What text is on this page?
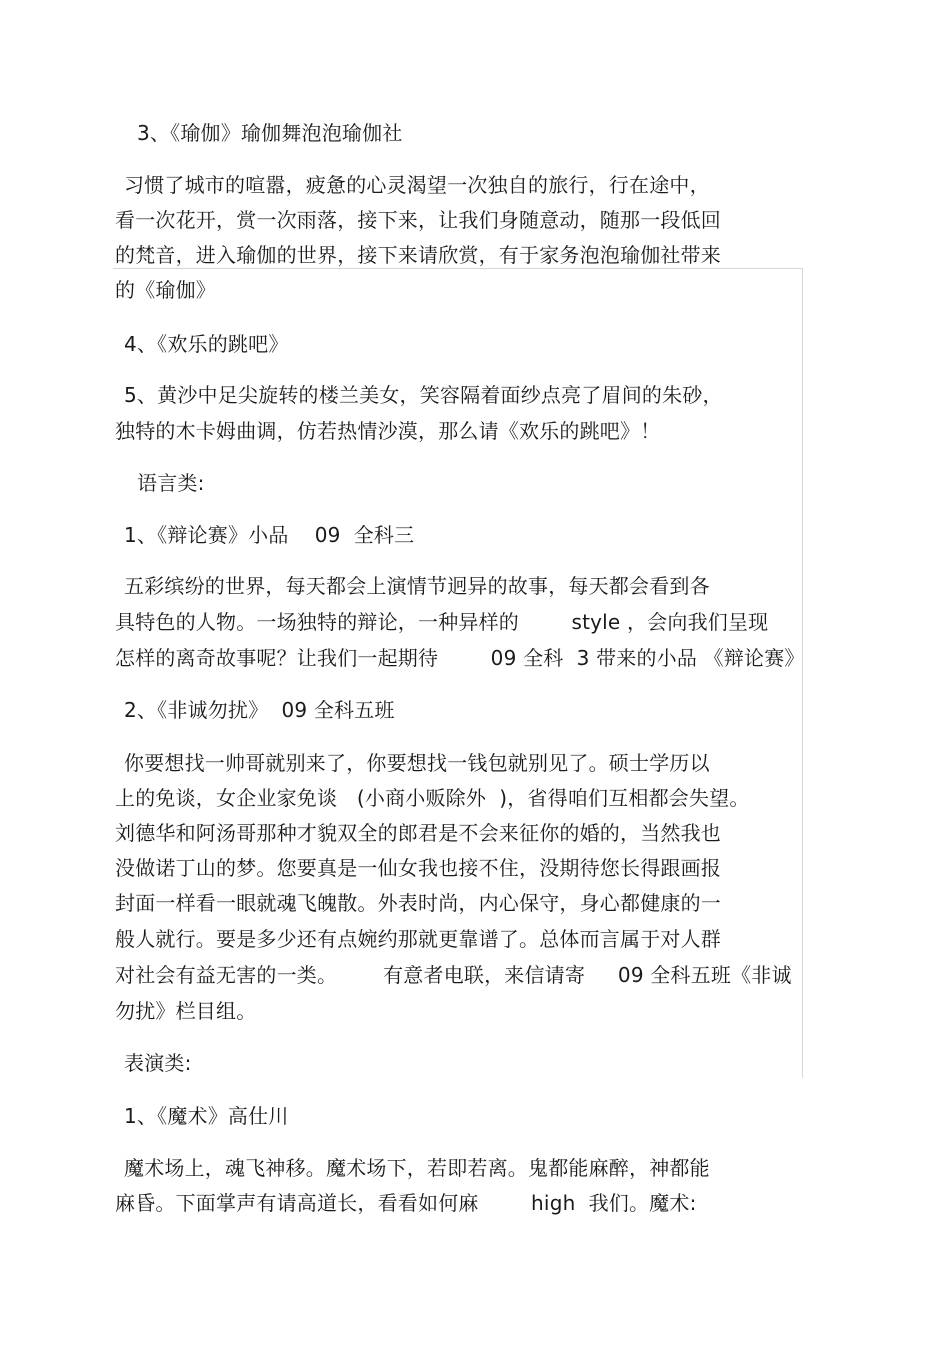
3、《瑜伽》瑜伽舞泡泡瑜伽社
习惯了城市的喧嚣，疲惫的心灵渴望一次独自的旅行，行在途中，
看一次花开，赏一次雨落，接下来，让我们身随意动，随那一段低回
的梵音，进入瑜伽的世界，接下来请欣赏，有于家务泡泡瑜伽社带来
的《瑜伽》
4、《欢乐的跳吧》
5、黄沙中足尖旋转的楼兰美女，笑容隔着面纱点亮了眉间的朱砂，
独特的木卡姆曲调，仿若热情沙漠，那么请《欢乐的跳吧》！
语言类:
1、《辩论赛》小品    09  全科三
五彩缤纷的世界，每天都会上演情节迥异的故事，每天都会看到各
具特色的人物。一场独特的辩论，一种异样的        style ，会向我们呈现
怎样的离奇故事呢？让我们一起期待        09 全科  3 带来的小品 《辩论赛》
2、《非诚勿扰》  09 全科五班
你要想找一帅哥就别来了，你要想找一钱包就别见了。硕士学历以
上的免谈，女企业家免谈   (小商小贩除外  )，省得咱们互相都会失望。
刘德华和阿汤哥那种才貌双全的郎君是不会来征你的婚的，当然我也
没做诺丁山的梦。您要真是一仙女我也接不住，没期待您长得跟画报
封面一样看一眼就魂飞魄散。外表时尚，内心保守，身心都健康的一
般人就行。要是多少还有点婉约那就更靠谱了。总体而言属于对人群
对社会有益无害的一类。       有意者电联，来信请寄     09 全科五班《非诚
勿扰》栏目组。
表演类:
1、《魔术》高仕川
魔术场上，魂飞神移。魔术场下，若即若离。鬼都能麻醉，神都能
麻昏。下面掌声有请高道长，看看如何麻        high  我们。魔术:
